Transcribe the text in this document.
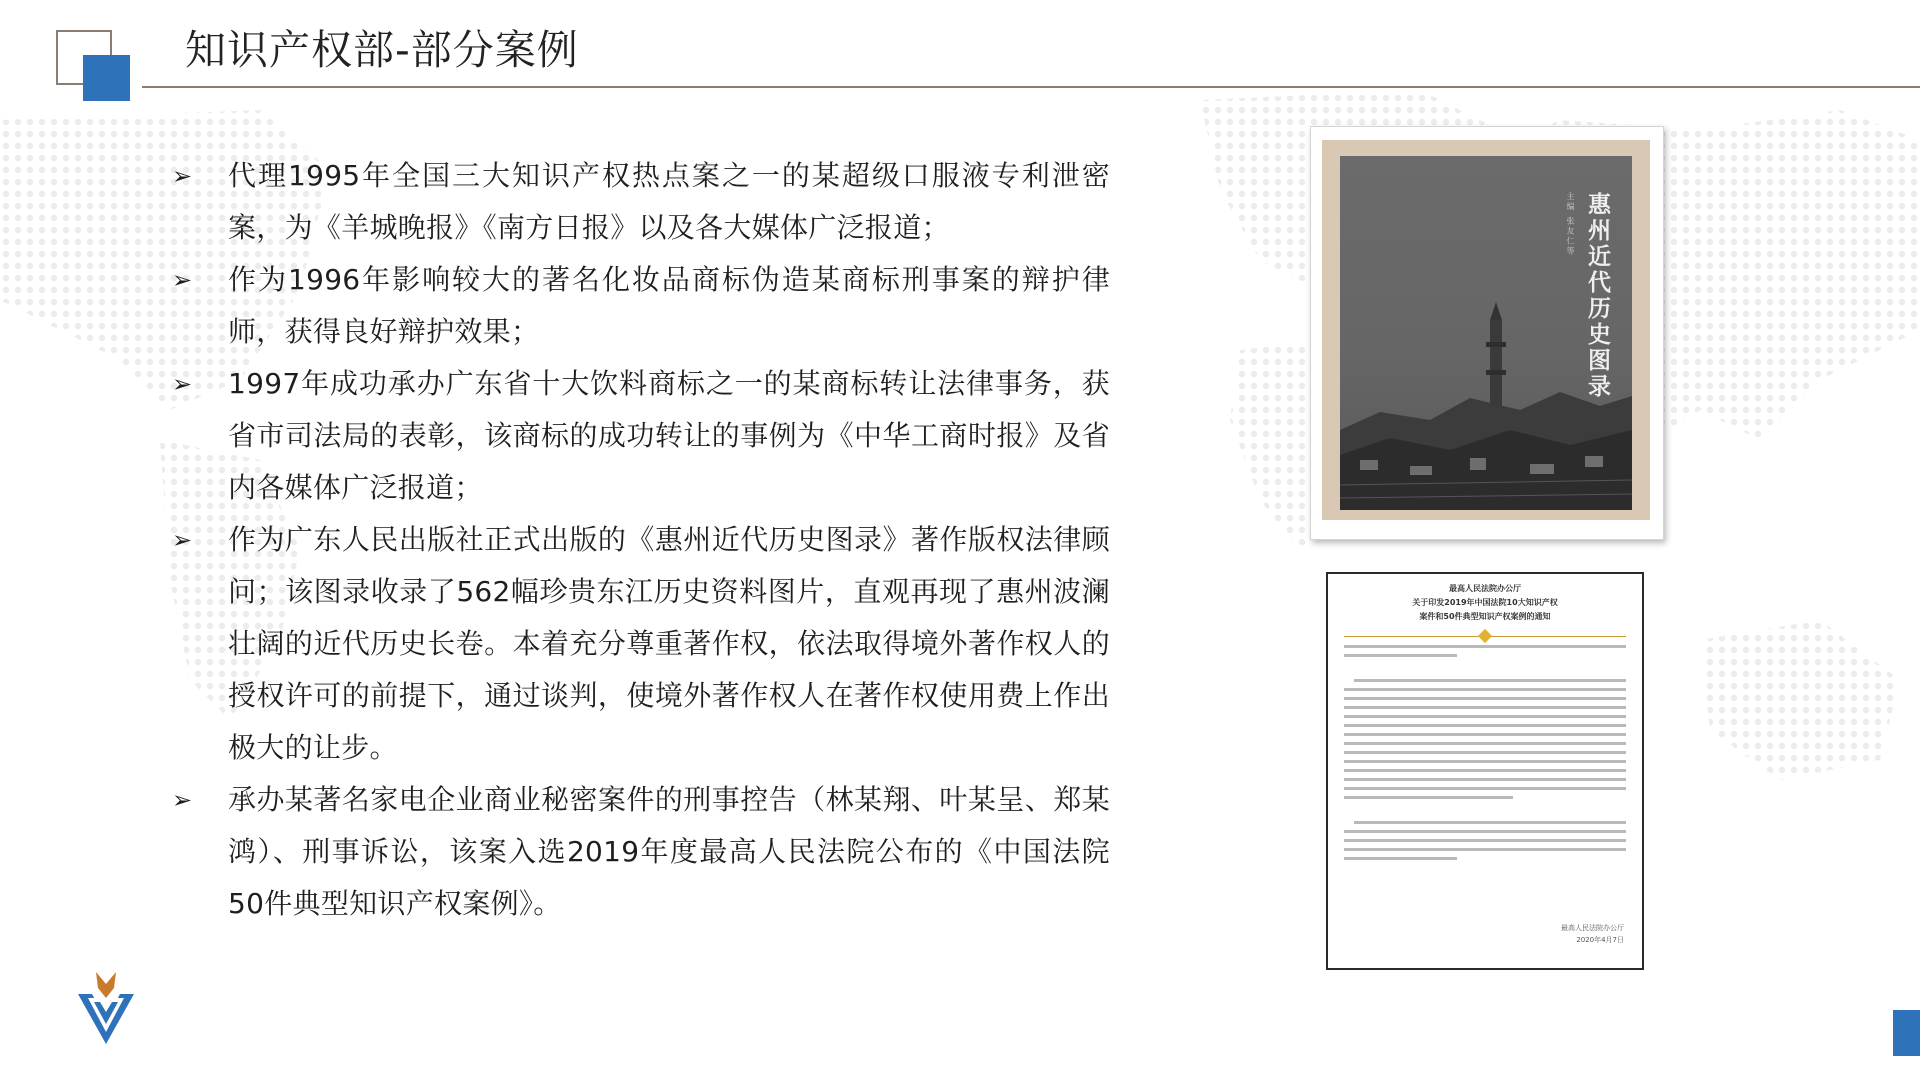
知识产权部-部分案例
➢	代理1995年全国三大知识产权热点案之一的某超级口服液专利泄密案，为《羊城晚报》《南方日报》以及各大媒体广泛报道；
➢	作为1996年影响较大的著名化妆品商标伪造某商标刑事案的辩护律师，获得良好辩护效果；
➢	1997年成功承办广东省十大饮料商标之一的某商标转让法律事务，获省市司法局的表彰，该商标的成功转让的事例为《中华工商时报》及省内各媒体广泛报道；
➢	作为广东人民出版社正式出版的《惠州近代历史图录》著作版权法律顾问；该图录收录了562幅珍贵东江历史资料图片，直观再现了惠州波澜壮阔的近代历史长卷。本着充分尊重著作权，依法取得境外著作权人的授权许可的前提下，通过谈判，使境外著作权人在著作权使用费上作出极大的让步。
➢	承办某著名家电企业商业秘密案件的刑事控告（林某翔、叶某呈、郑某鸿）、刑事诉讼，该案入选2019年度最高人民法院公布的《中国法院50件典型知识产权案例》。
主编 张友仁等 惠州近代历史图录
最高人民法院办公厅
关于印发2019年中国法院10大知识产权案件和50件典型知识产权案例的通知
最高人民法院办公厅
2020年4月7日
